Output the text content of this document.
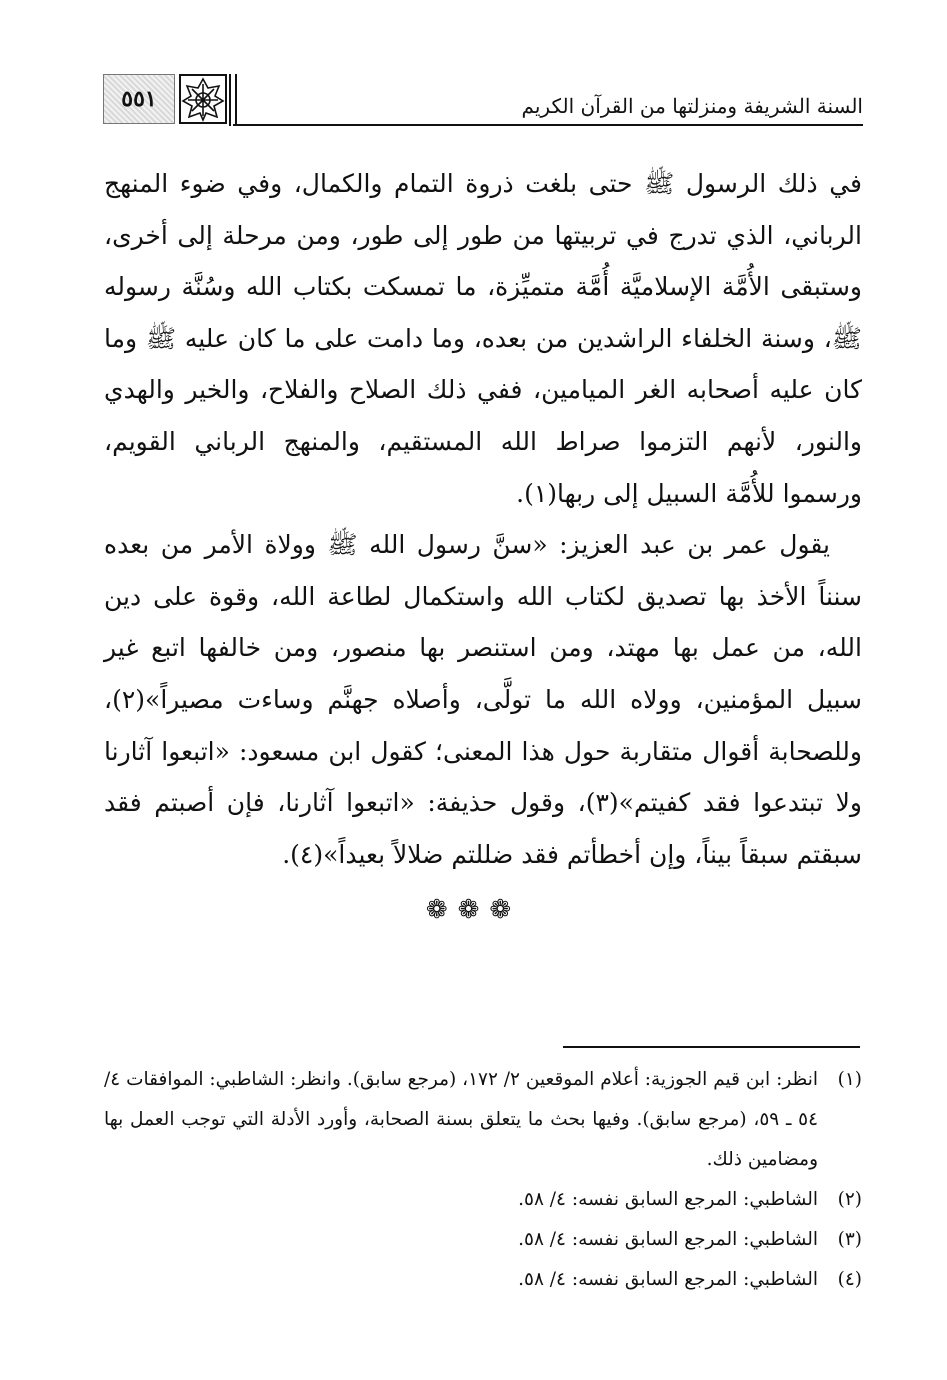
٥٥١	السنة الشريفة ومنزلتها من القرآن الكريم

في ذلك الرسول ﷺ حتى بلغت ذروة التمام والكمال، وفي ضوء المنهج الرباني، الذي تدرج في تربيتها من طور إلى طور، ومن مرحلة إلى أخرى، وستبقى الأُمَّة الإسلاميَّة أُمَّة متميِّزة، ما تمسكت بكتاب الله وسُنَّة رسوله ﷺ، وسنة الخلفاء الراشدين من بعده، وما دامت على ما كان عليه ﷺ وما كان عليه أصحابه الغر الميامين، ففي ذلك الصلاح والفلاح، والخير والهدي والنور، لأنهم التزموا صراط الله المستقيم، والمنهج الرباني القويم، ورسموا للأُمَّة السبيل إلى ربها(١).

يقول عمر بن عبد العزيز: «سنَّ رسول الله ﷺ وولاة الأمر من بعده سنناً الأخذ بها تصديق لكتاب الله واستكمال لطاعة الله، وقوة على دين الله، من عمل بها مهتد، ومن استنصر بها منصور، ومن خالفها اتبع غير سبيل المؤمنين، وولاه الله ما تولَّى، وأصلاه جهنَّم وساءت مصيراً»(٢)، وللصحابة أقوال متقاربة حول هذا المعنى؛ كقول ابن مسعود: «اتبعوا آثارنا ولا تبتدعوا فقد كفيتم»(٣)، وقول حذيفة: «اتبعوا آثارنا، فإن أصبتم فقد سبقتم سبقاً بيناً، وإن أخطأتم فقد ضللتم ضلالاً بعيداً»(٤).

❁❁❁
(١)
انظر: ابن قيم الجوزية: أعلام الموقعين ٢/ ١٧٢، (مرجع سابق). وانظر: الشاطبي: الموافقات ٤/ ٥٤ ـ ٥٩، (مرجع سابق). وفيها بحث ما يتعلق بسنة الصحابة، وأورد الأدلة التي توجب العمل بها ومضامين ذلك.
(٢)
الشاطبي: المرجع السابق نفسه: ٤/ ٥٨.
(٣)
الشاطبي: المرجع السابق نفسه: ٤/ ٥٨.
(٤)
الشاطبي: المرجع السابق نفسه: ٤/ ٥٨.
